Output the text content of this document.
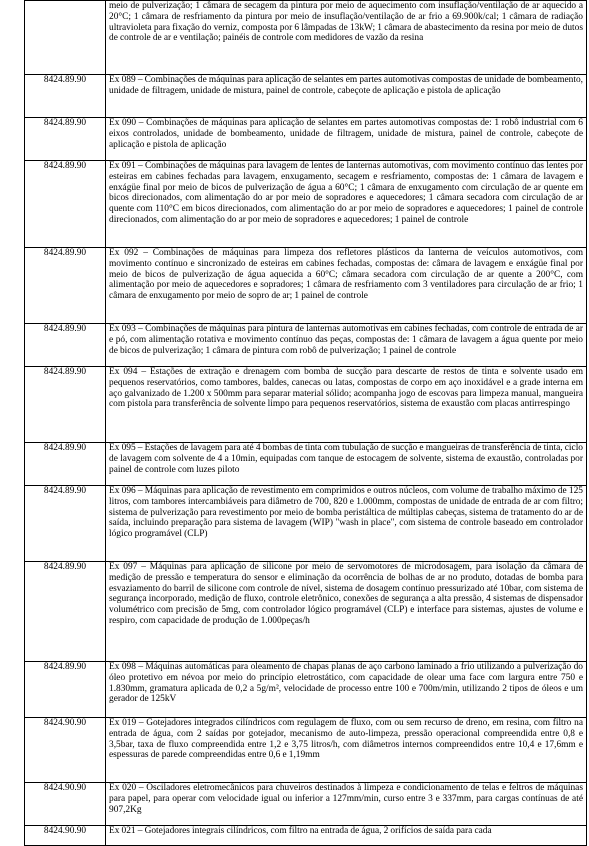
	meio de pulverização; 1 câmara de secagem da pintura por meio de aquecimento com insuflação/ventilação de ar aquecido a 20°C; 1 câmara de resfriamento da pintura por meio de insuflação/ventilação de ar frio a 69.900k/cal; 1 câmara de radiação ultravioleta para fixação do verniz, composta por 6 lâmpadas de 13kW; 1 câmara de abastecimento da resina por meio de dutos de controle de ar e ventilação; painéis de controle com medidores de vazão da resina
8424.89.90	Ex 089 – Combinações de máquinas para aplicação de selantes em partes automotivas compostas de unidade de bombeamento, unidade de filtragem, unidade de mistura, painel de controle, cabeçote de aplicação e pistola de aplicação
8424.89.90	Ex 090 – Combinações de máquinas para aplicação de selantes em partes automotivas compostas de: 1 robô industrial com 6 eixos controlados, unidade de bombeamento, unidade de filtragem, unidade de mistura, painel de controle, cabeçote de aplicação e pistola de aplicação
8424.89.90	Ex 091 – Combinações de máquinas para lavagem de lentes de lanternas automotivas, com movimento contínuo das lentes por esteiras em cabines fechadas para lavagem, enxugamento, secagem e resfriamento, compostas de: 1 câmara de lavagem e enxágüe final por meio de bicos de pulverização de água a 60°C; 1 câmara de enxugamento com circulação de ar quente em bicos direcionados, com alimentação do ar por meio de sopradores e aquecedores; 1 câmara secadora com circulação de ar quente com 110°C em bicos direcionados, com alimentação do ar por meio de sopradores e aquecedores; 1 painel de controle direcionados, com alimentação do ar por meio de sopradores e aquecedores; 1 painel de controle
8424.89.90	Ex 092 – Combinações de máquinas para limpeza dos refletores plásticos da lanterna de veículos automotivos, com movimento contínuo e sincronizado de esteiras em cabines fechadas, compostas de: câmara de lavagem e enxágüe final por meio de bicos de pulverização de água aquecida a 60°C; câmara secadora com circulação de ar quente a 200°C, com alimentação por meio de aquecedores e sopradores; 1 câmara de resfriamento com 3 ventiladores para circulação de ar frio; 1 câmara de enxugamento por meio de sopro de ar; 1 painel de controle
8424.89.90	Ex 093 – Combinações de máquinas para pintura de lanternas automotivas em cabines fechadas, com controle de entrada de ar e pó, com alimentação rotativa e movimento contínuo das peças, compostas de: 1 câmara de lavagem a água quente por meio de bicos de pulverização; 1 câmara de pintura com robô de pulverização; 1 painel de controle
8424.89.90	Ex 094 – Estações de extração e drenagem com bomba de sucção para descarte de restos de tinta e solvente usado em pequenos reservatórios, como tambores, baldes, canecas ou latas, compostas de corpo em aço inoxidável e a grade interna em aço galvanizado de 1.200 x 500mm para separar material sólido; acompanha jogo de escovas para limpeza manual, mangueira com pistola para transferência de solvente limpo para pequenos reservatórios, sistema de exaustão com placas antirrespingo
8424.89.90	Ex 095 – Estações de lavagem para até 4 bombas de tinta com tubulação de sucção e mangueiras de transferência de tinta, ciclo de lavagem com solvente de 4 a 10min, equipadas com tanque de estocagem de solvente, sistema de exaustão, controladas por painel de controle com luzes piloto
8424.89.90	Ex 096 – Máquinas para aplicação de revestimento em comprimidos e outros núcleos, com volume de trabalho máximo de 125 litros, com tambores intercambiáveis para diâmetro de 700, 820 e 1.000mm, compostas de unidade de entrada de ar com filtro; sistema de pulverização para revestimento por meio de bomba peristáltica de múltiplas cabeças, sistema de tratamento do ar de saída, incluindo preparação para sistema de lavagem (WIP) "wash in place", com sistema de controle baseado em controlador lógico programável (CLP)
8424.89.90	Ex 097 – Máquinas para aplicação de silicone por meio de servomotores de microdosagem, para isolação da câmara de medição de pressão e temperatura do sensor e eliminação da ocorrência de bolhas de ar no produto, dotadas de bomba para esvaziamento do barril de silicone com controle de nível, sistema de dosagem contínuo pressurizado até 10bar, com sistema de segurança incorporado, medição de fluxo, controle eletrônico, conexões de segurança a alta pressão, 4 sistemas de dispensador volumétrico com precisão de 5mg, com controlador lógico programável (CLP) e interface para sistemas, ajustes de volume e respiro, com capacidade de produção de 1.000peças/h
8424.89.90	Ex 098 – Máquinas automáticas para oleamento de chapas planas de aço carbono laminado a frio utilizando a pulverização do óleo protetivo em névoa por meio do princípio eletrostático, com capacidade de olear uma face com largura entre 750 e 1.830mm, gramatura aplicada de 0,2 a 5g/m², velocidade de processo entre 100 e 700m/min, utilizando 2 tipos de óleos e um gerador de 125kV
8424.90.90	Ex 019 – Gotejadores integrados cilíndricos com regulagem de fluxo, com ou sem recurso de dreno, em resina, com filtro na entrada de água, com 2 saídas por gotejador, mecanismo de auto-limpeza, pressão operacional compreendida entre 0,8 e 3,5bar, taxa de fluxo compreendida entre 1,2 e 3,75 litros/h, com diâmetros internos compreendidos entre 10,4 e 17,6mm e espessuras de parede compreendidas entre 0,6 e 1,19mm
8424.90.90	Ex 020 – Osciladores eletromecânicos para chuveiros destinados à limpeza e condicionamento de telas e feltros de máquinas para papel, para operar com velocidade igual ou inferior a 127mm/min, curso entre 3 e 337mm, para cargas contínuas de até 907,2Kg
8424.90.90	Ex 021 – Gotejadores integrais cilíndricos, com filtro na entrada de água, 2 orifícios de saída para cada
